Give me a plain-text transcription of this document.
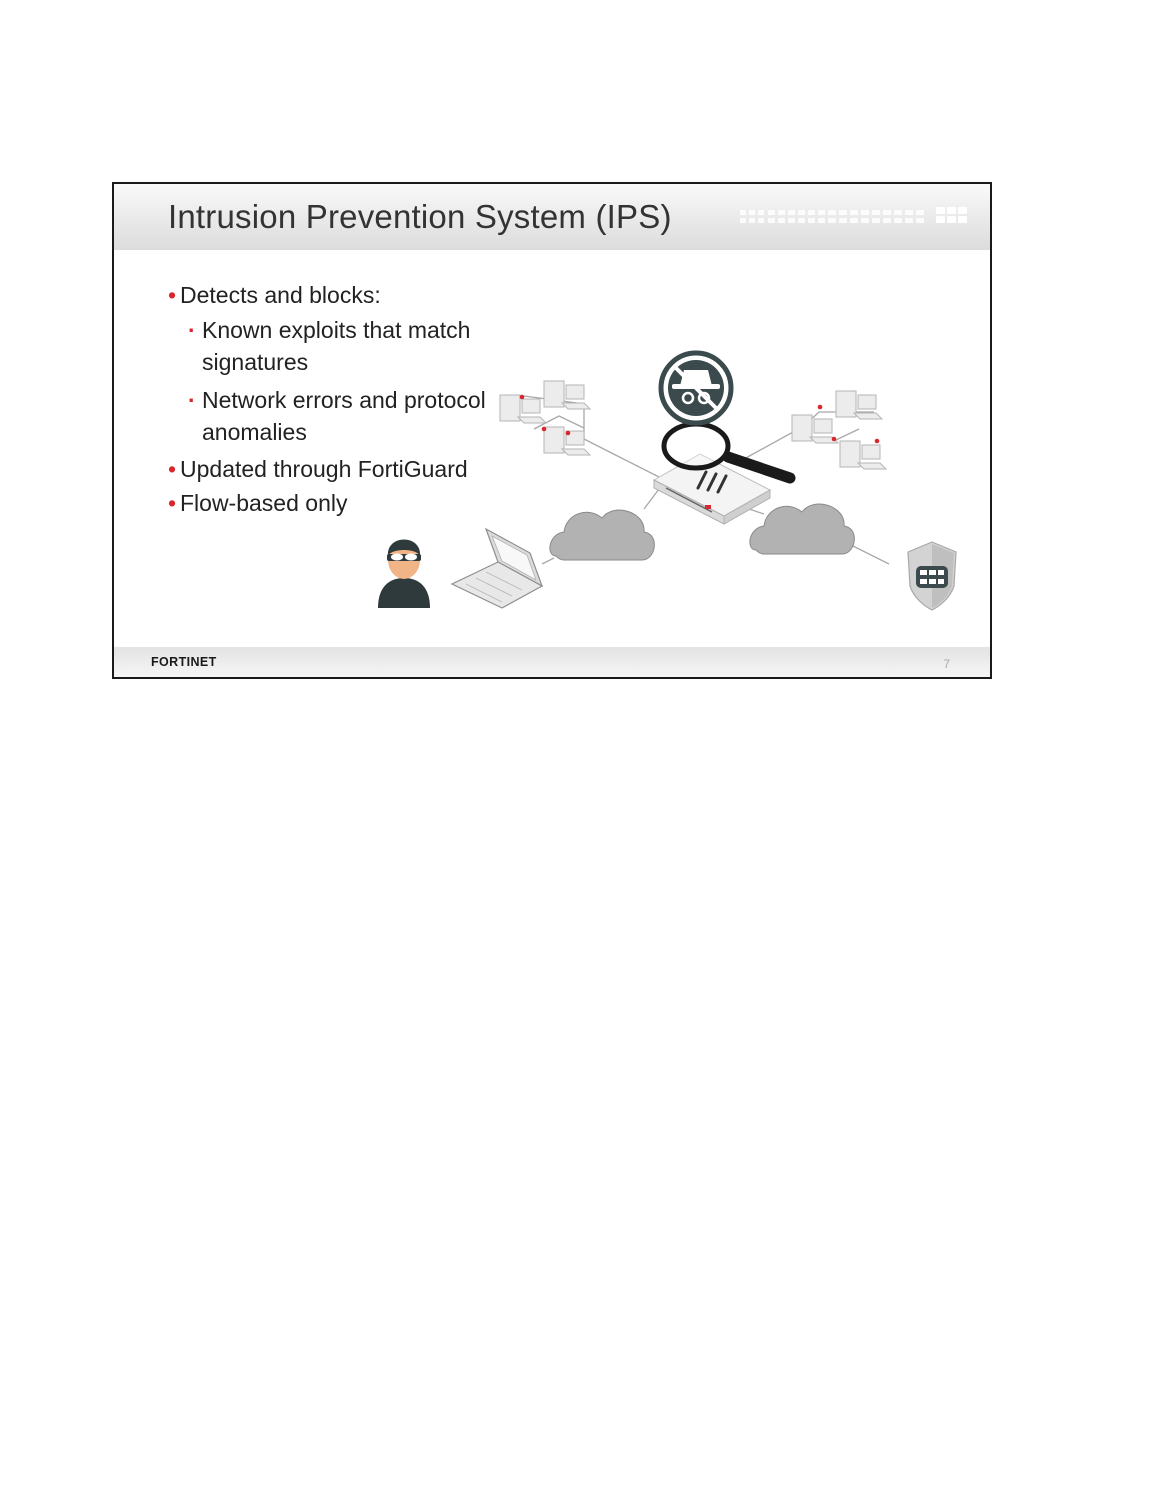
Intrusion Prevention System (IPS)
• Detects and blocks:
· Known exploits that match signatures
· Network errors and protocol anomalies
• Updated through FortiGuard
• Flow-based only
FORTINET	7
